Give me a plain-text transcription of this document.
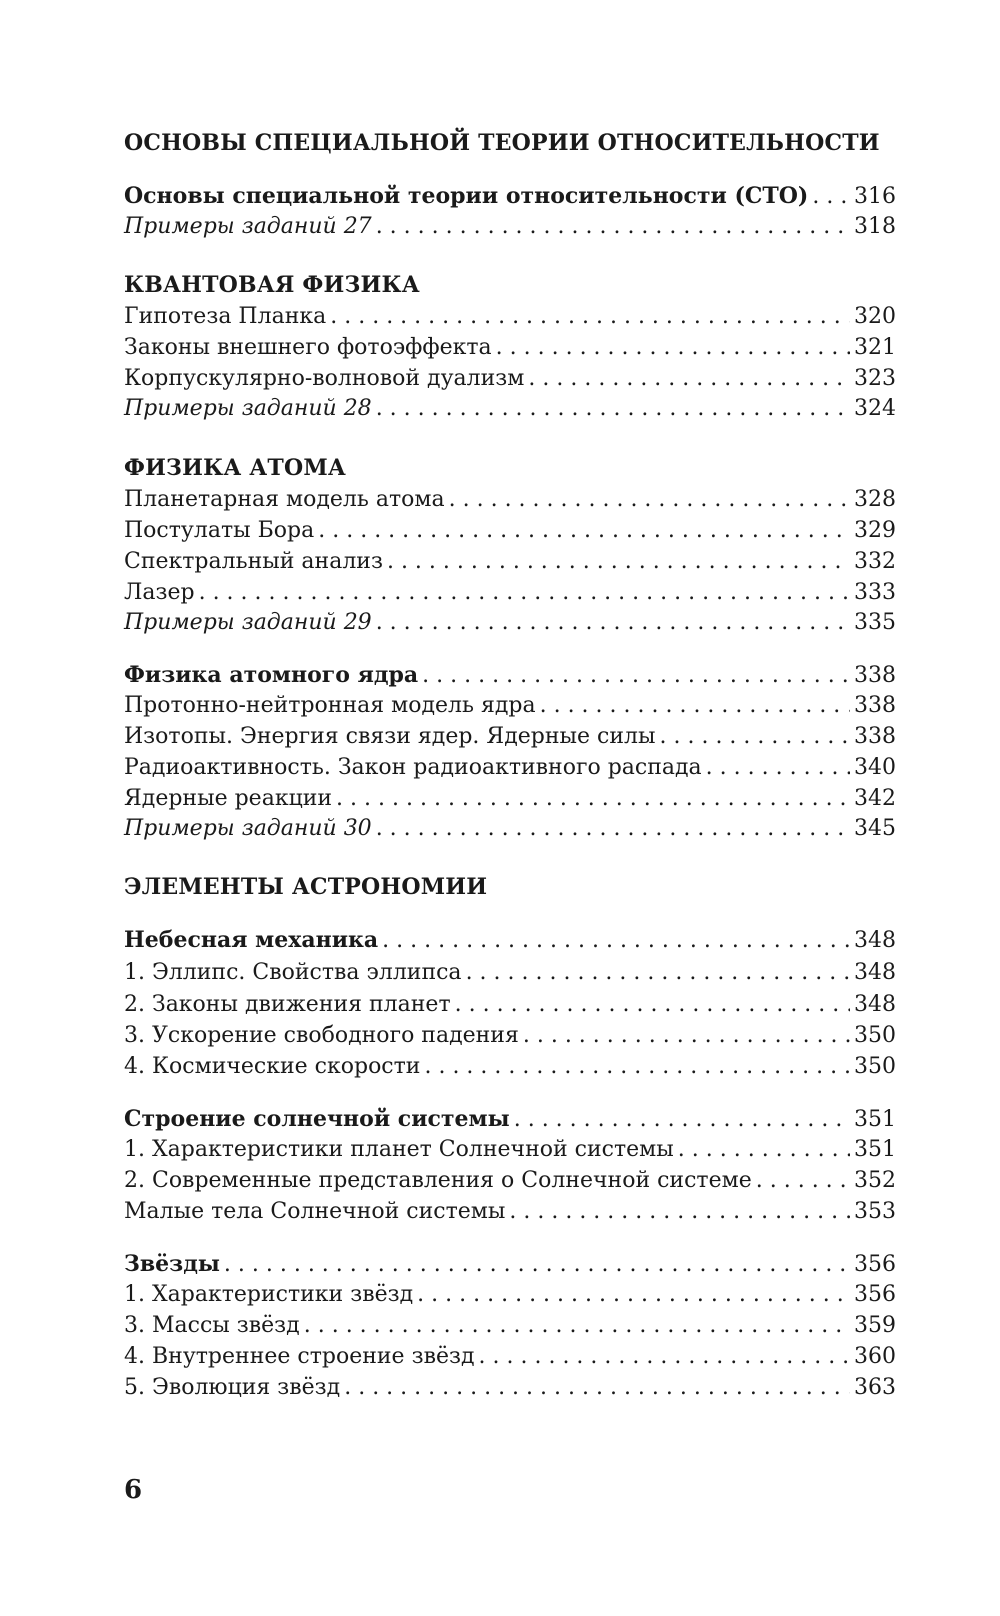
ОСНОВЫ СПЕЦИАЛЬНОЙ ТЕОРИИ ОТНОСИТЕЛЬНОСТИ
Основы специальной теории относительности (СТО) . . . 316
Примеры заданий 27 . . .	318
КВАНТОВАЯ ФИЗИКА
Гипотеза Планка . . .	320
Законы внешнего фотоэффекта . . .	321
Корпускулярно-волновой дуализм . . .	323
Примеры заданий 28 . . .	324
ФИЗИКА АТОМА
Планетарная модель атома . . .	328
Постулаты Бора . . .	329
Спектральный анализ . . .	332
Лазер . . .	333
Примеры заданий 29 . . .	335
Физика атомного ядра . . .	338
Протонно-нейтронная модель ядра . . .	338
Изотопы. Энергия связи ядер. Ядерные силы . . .	338
Радиоактивность. Закон радиоактивного распада . . .	340
Ядерные реакции . . .	342
Примеры заданий 30 . . .	345
ЭЛЕМЕНТЫ АСТРОНОМИИ
Небесная механика . . .	348
1. Эллипс. Свойства эллипса . . .	348
2. Законы движения планет . . .	348
3. Ускорение свободного падения . . .	350
4. Космические скорости . . .	350
Строение солнечной системы . . .	351
1. Характеристики планет Солнечной системы . . .	351
2. Современные представления о Солнечной системе . . .	352
Малые тела Солнечной системы . . .	353
Звёзды . . .	356
1. Характеристики звёзд . . .	356
3. Массы звёзд . . .	359
4. Внутреннее строение звёзд . . .	360
5. Эволюция звёзд . . .	363
6
